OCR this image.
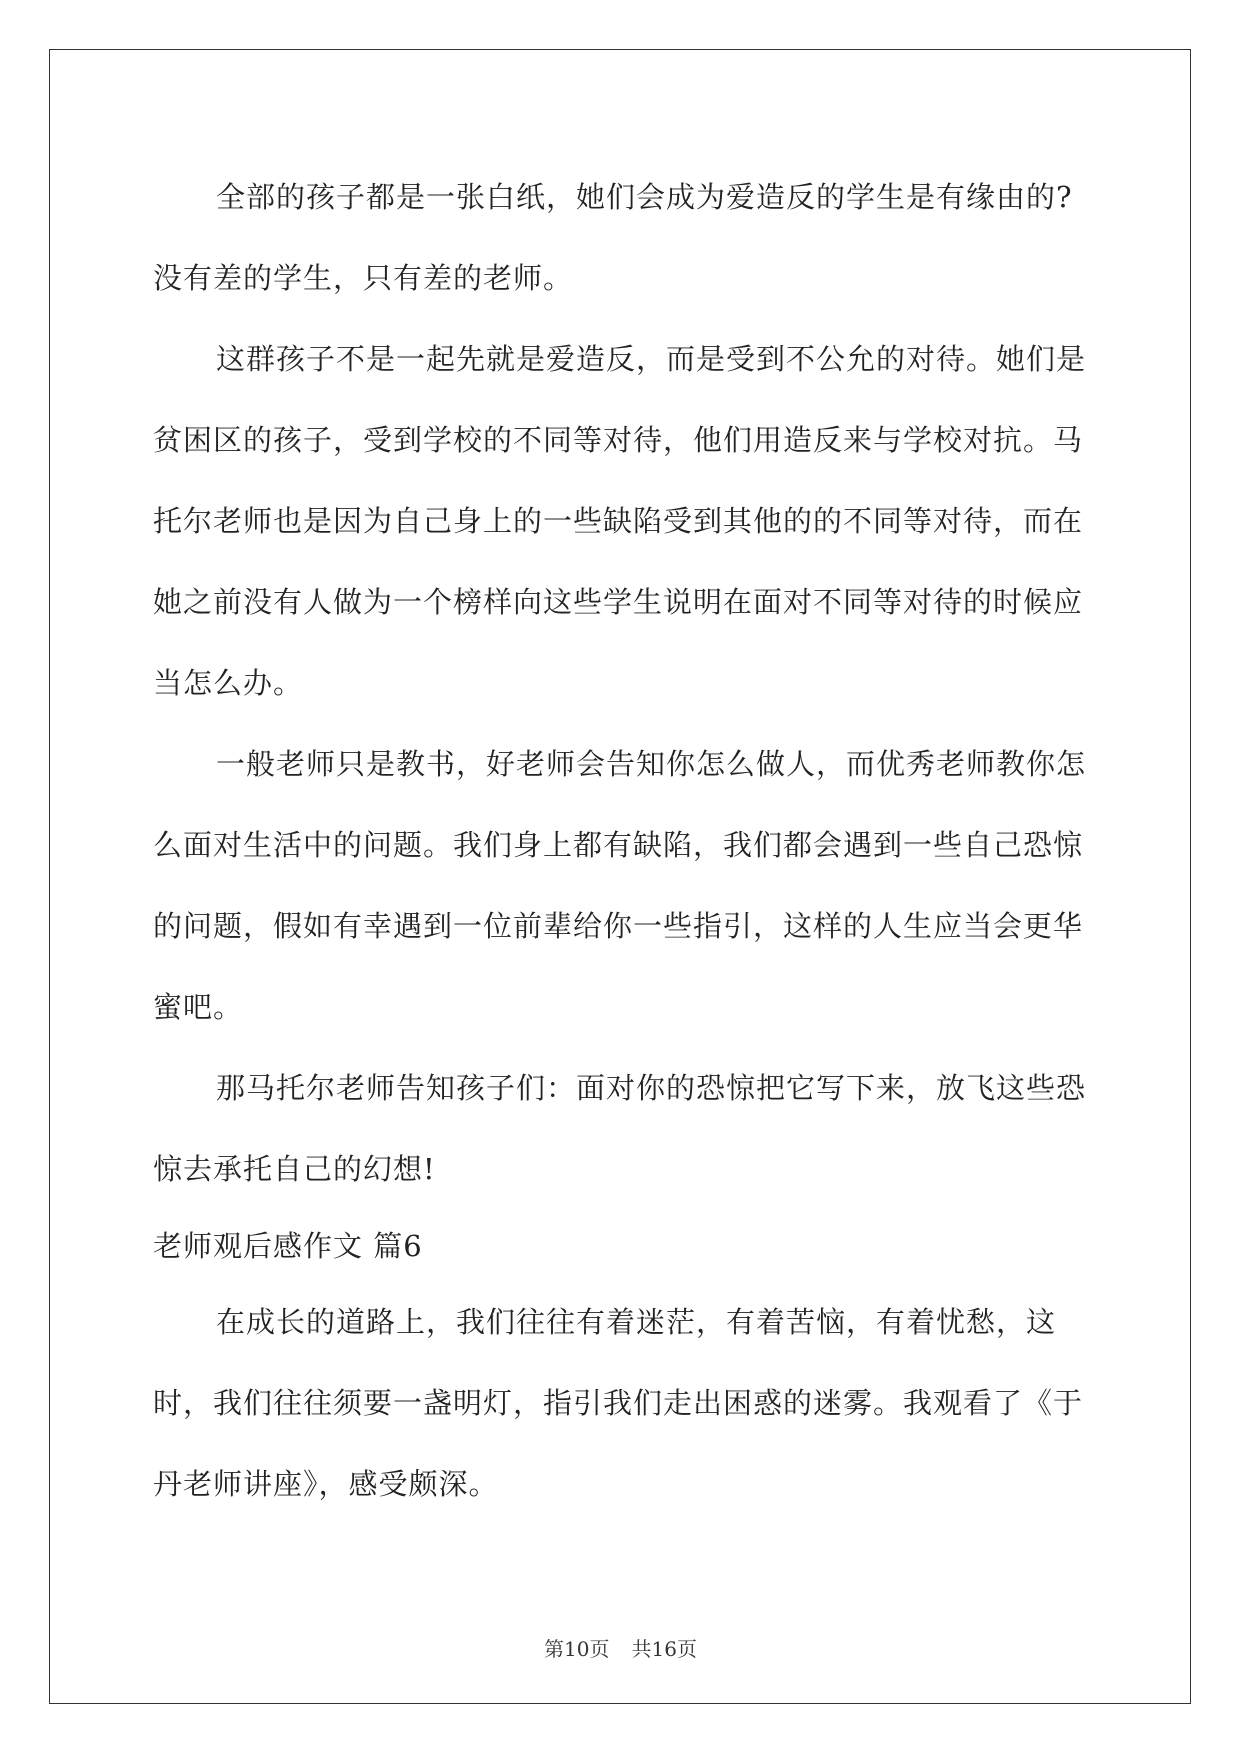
全部的孩子都是一张白纸，她们会成为爱造反的学生是有缘由的?没有差的学生，只有差的老师。

这群孩子不是一起先就是爱造反，而是受到不公允的对待。她们是贫困区的孩子，受到学校的不同等对待，他们用造反来与学校对抗。马托尔老师也是因为自己身上的一些缺陷受到其他的的不同等对待，而在她之前没有人做为一个榜样向这些学生说明在面对不同等对待的时候应当怎么办。

一般老师只是教书，好老师会告知你怎么做人，而优秀老师教你怎么面对生活中的问题。我们身上都有缺陷，我们都会遇到一些自己恐惊的问题，假如有幸遇到一位前辈给你一些指引，这样的人生应当会更华蜜吧。

那马托尔老师告知孩子们：面对你的恐惊把它写下来，放飞这些恐惊去承托自己的幻想!

老师观后感作文 篇6

在成长的道路上，我们往往有着迷茫，有着苦恼，有着忧愁，这时，我们往往须要一盏明灯，指引我们走出困惑的迷雾。我观看了《于丹老师讲座》，感受颇深。

第10页 共16页
